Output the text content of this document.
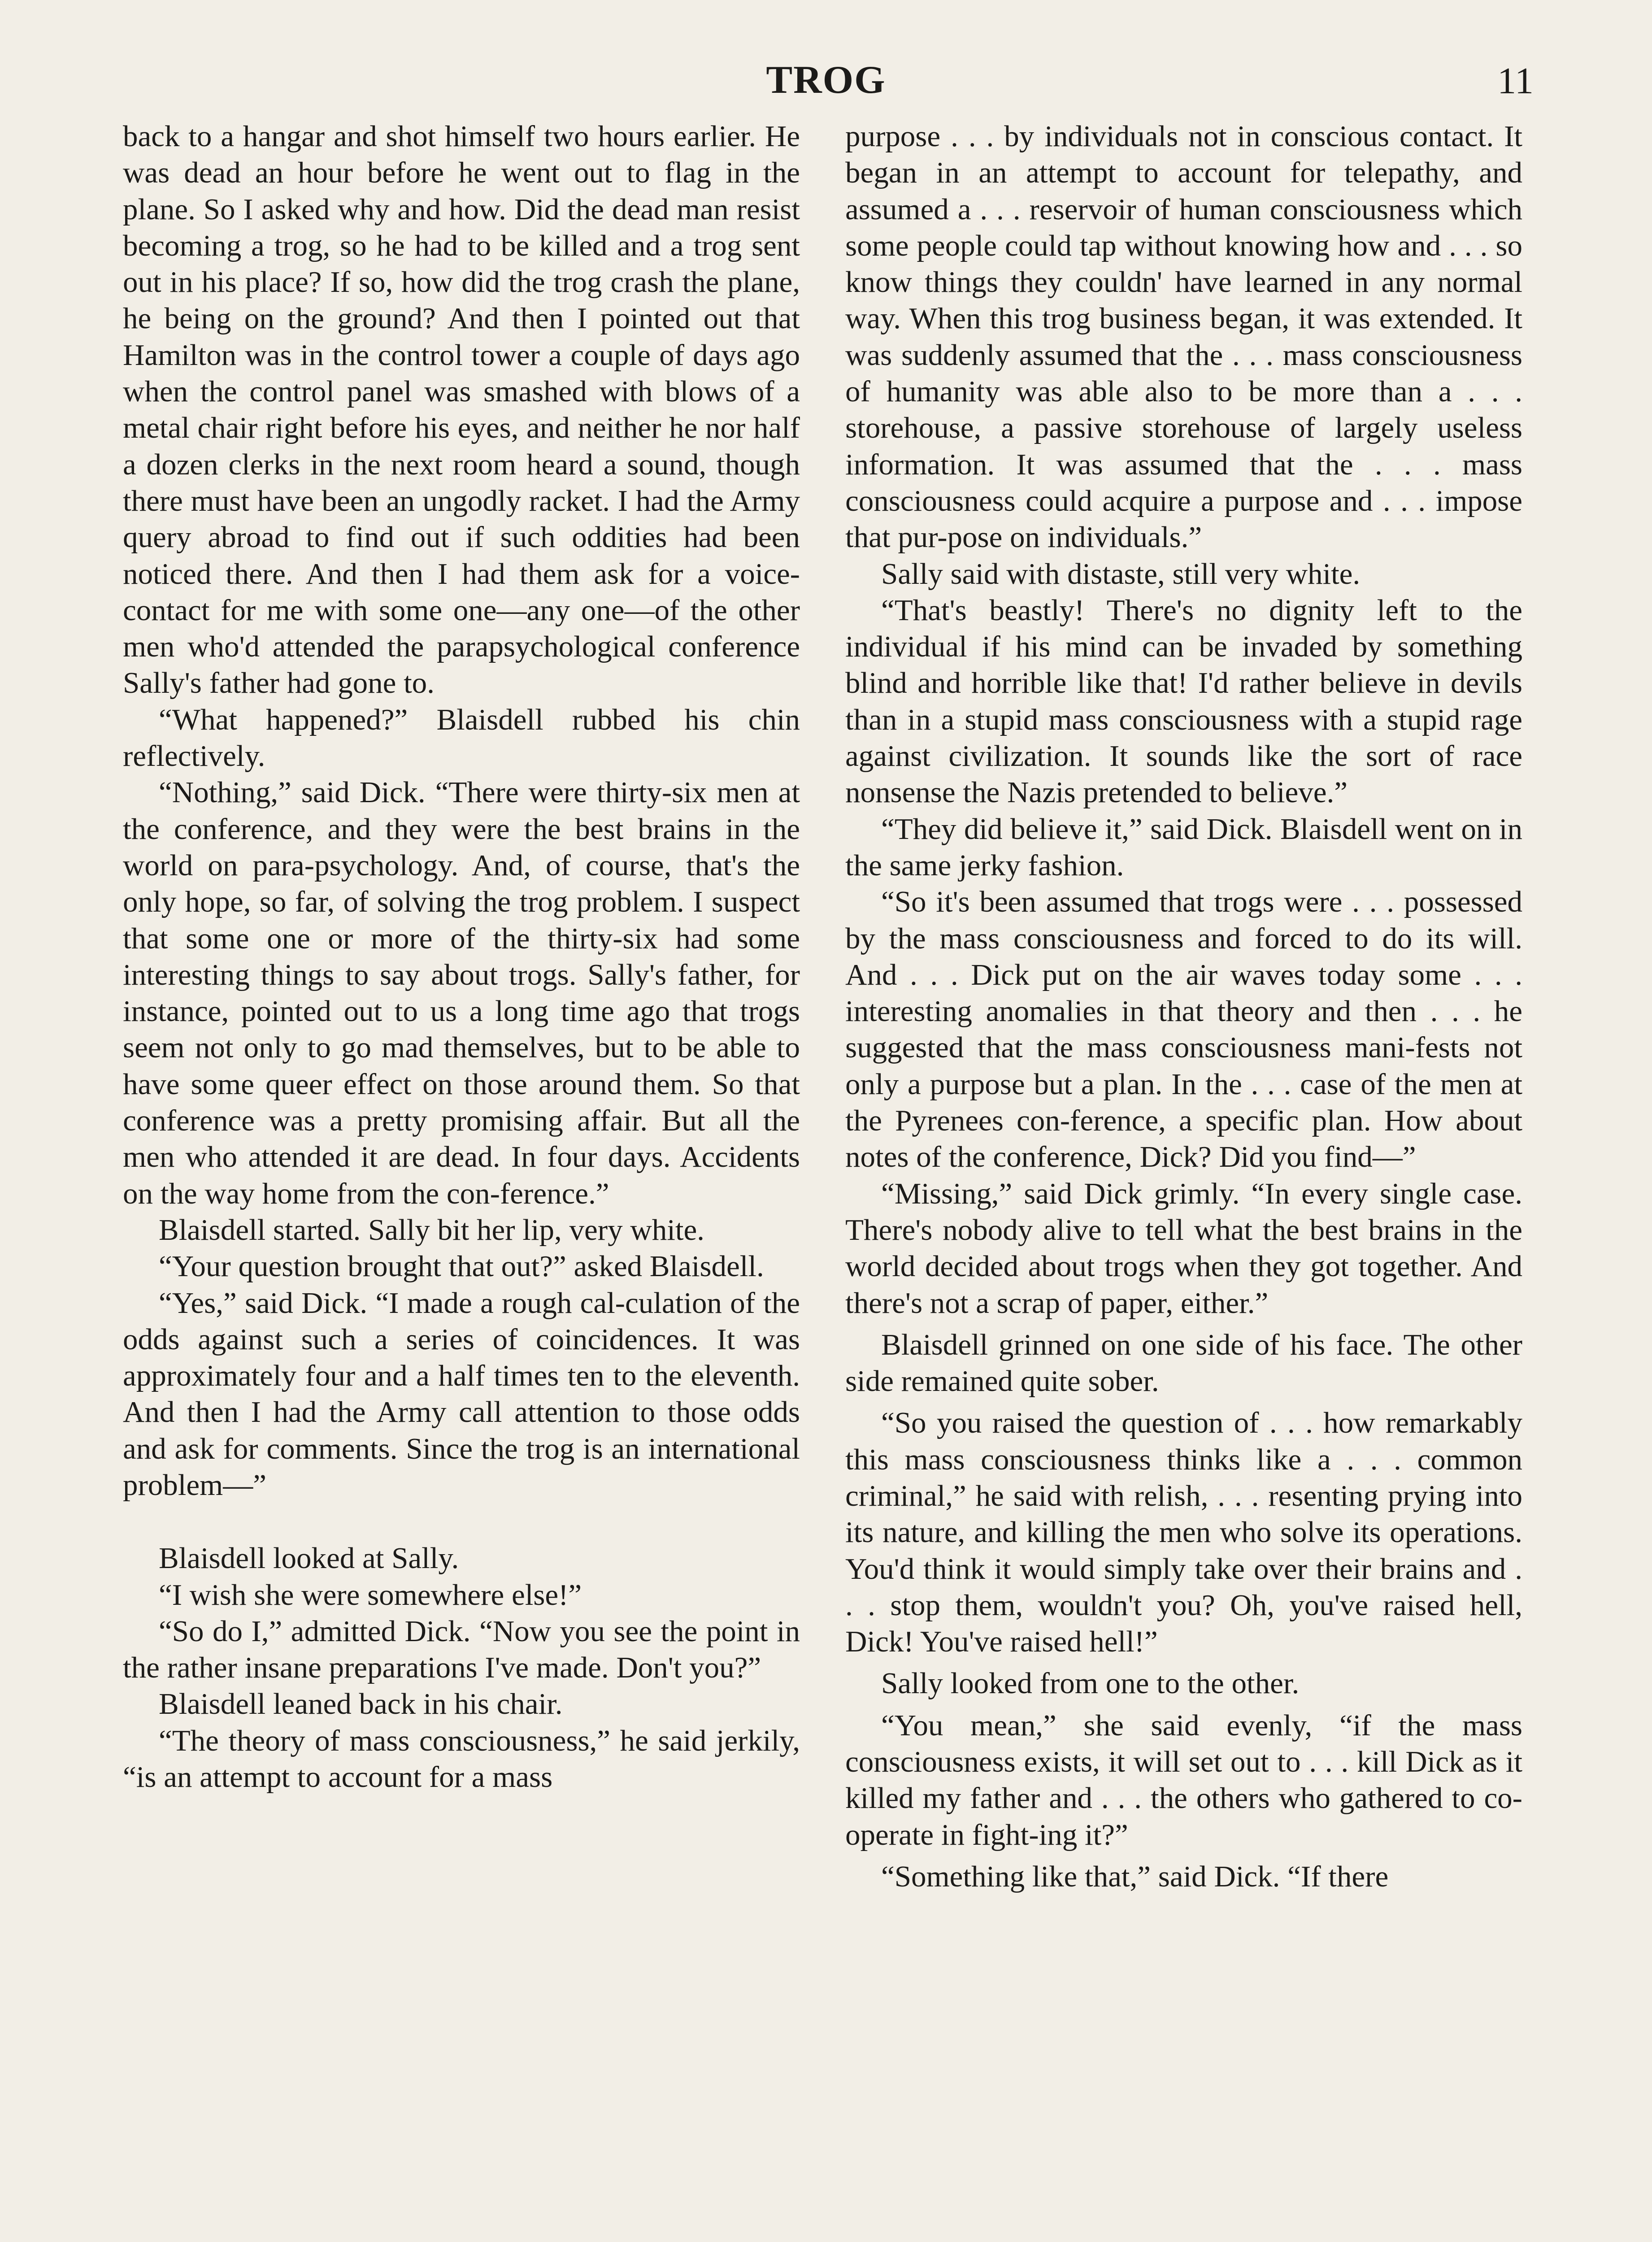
TROG	11

back to a hangar and shot himself two hours earlier. He was dead an hour before he went out to flag in the plane. So I asked why and how. Did the dead man resist becoming a trog, so he had to be killed and a trog sent out in his place? If so, how did the trog crash the plane, he being on the ground? And then I pointed out that Hamilton was in the control tower a couple of days ago when the control panel was smashed with blows of a metal chair right before his eyes, and neither he nor half a dozen clerks in the next room heard a sound, though there must have been an ungodly racket. I had the Army query abroad to find out if such oddities had been noticed there. And then I had them ask for a voice-contact for me with some one—any one—of the other men who'd attended the parapsychological conference Sally's father had gone to.

“What happened?” Blaisdell rubbed his chin reflectively.

“Nothing,” said Dick. “There were thirty-six men at the conference, and they were the best brains in the world on para-psychology. And, of course, that's the only hope, so far, of solving the trog problem. I suspect that some one or more of the thirty-six had some interesting things to say about trogs. Sally's father, for instance, pointed out to us a long time ago that trogs seem not only to go mad themselves, but to be able to have some queer effect on those around them. So that conference was a pretty promising affair. But all the men who attended it are dead. In four days. Accidents on the way home from the con-ference.”

Blaisdell started. Sally bit her lip, very white.

“Your question brought that out?” asked Blaisdell.

“Yes,” said Dick. “I made a rough cal-culation of the odds against such a series of coincidences. It was approximately four and a half times ten to the eleventh. And then I had the Army call attention to those odds and ask for comments. Since the trog is an international problem—”

Blaisdell looked at Sally.

“I wish she were somewhere else!”

“So do I,” admitted Dick. “Now you see the point in the rather insane preparations I've made. Don't you?”

Blaisdell leaned back in his chair.

“The theory of mass consciousness,” he said jerkily, “is an attempt to account for a mass

purpose . . . by individuals not in conscious contact. It began in an attempt to account for telepathy, and assumed a . . . reservoir of human consciousness which some people could tap without knowing how and . . . so know things they couldn' have learned in any normal way. When this trog business began, it was extended. It was suddenly assumed that the . . . mass consciousness of humanity was able also to be more than a . . . storehouse, a passive storehouse of largely useless information. It was assumed that the . . . mass consciousness could acquire a purpose and . . . impose that pur-pose on individuals.”

Sally said with distaste, still very white.

“That's beastly! There's no dignity left to the individual if his mind can be invaded by something blind and horrible like that! I'd rather believe in devils than in a stupid mass consciousness with a stupid rage against civilization. It sounds like the sort of race nonsense the Nazis pretended to believe.”

“They did believe it,” said Dick. Blaisdell went on in the same jerky fashion.

“So it's been assumed that trogs were . . . possessed by the mass consciousness and forced to do its will. And . . . Dick put on the air waves today some . . . interesting anomalies in that theory and then . . . he suggested that the mass consciousness mani-fests not only a purpose but a plan. In the . . . case of the men at the Pyrenees con-ference, a specific plan. How about notes of the conference, Dick? Did you find—”

“Missing,” said Dick grimly. “In every single case. There's nobody alive to tell what the best brains in the world decided about trogs when they got together. And there's not a scrap of paper, either.”

Blaisdell grinned on one side of his face. The other side remained quite sober.

“So you raised the question of . . . how remarkably this mass consciousness thinks like a . . . common criminal,” he said with relish, . . . resenting prying into its nature, and killing the men who solve its operations. You'd think it would simply take over their brains and . . . stop them, wouldn't you? Oh, you've raised hell, Dick! You've raised hell!”

Sally looked from one to the other.

“You mean,” she said evenly, “if the mass consciousness exists, it will set out to . . . kill Dick as it killed my father and . . . the others who gathered to co-operate in fight-ing it?”

“Something like that,” said Dick. “If there
